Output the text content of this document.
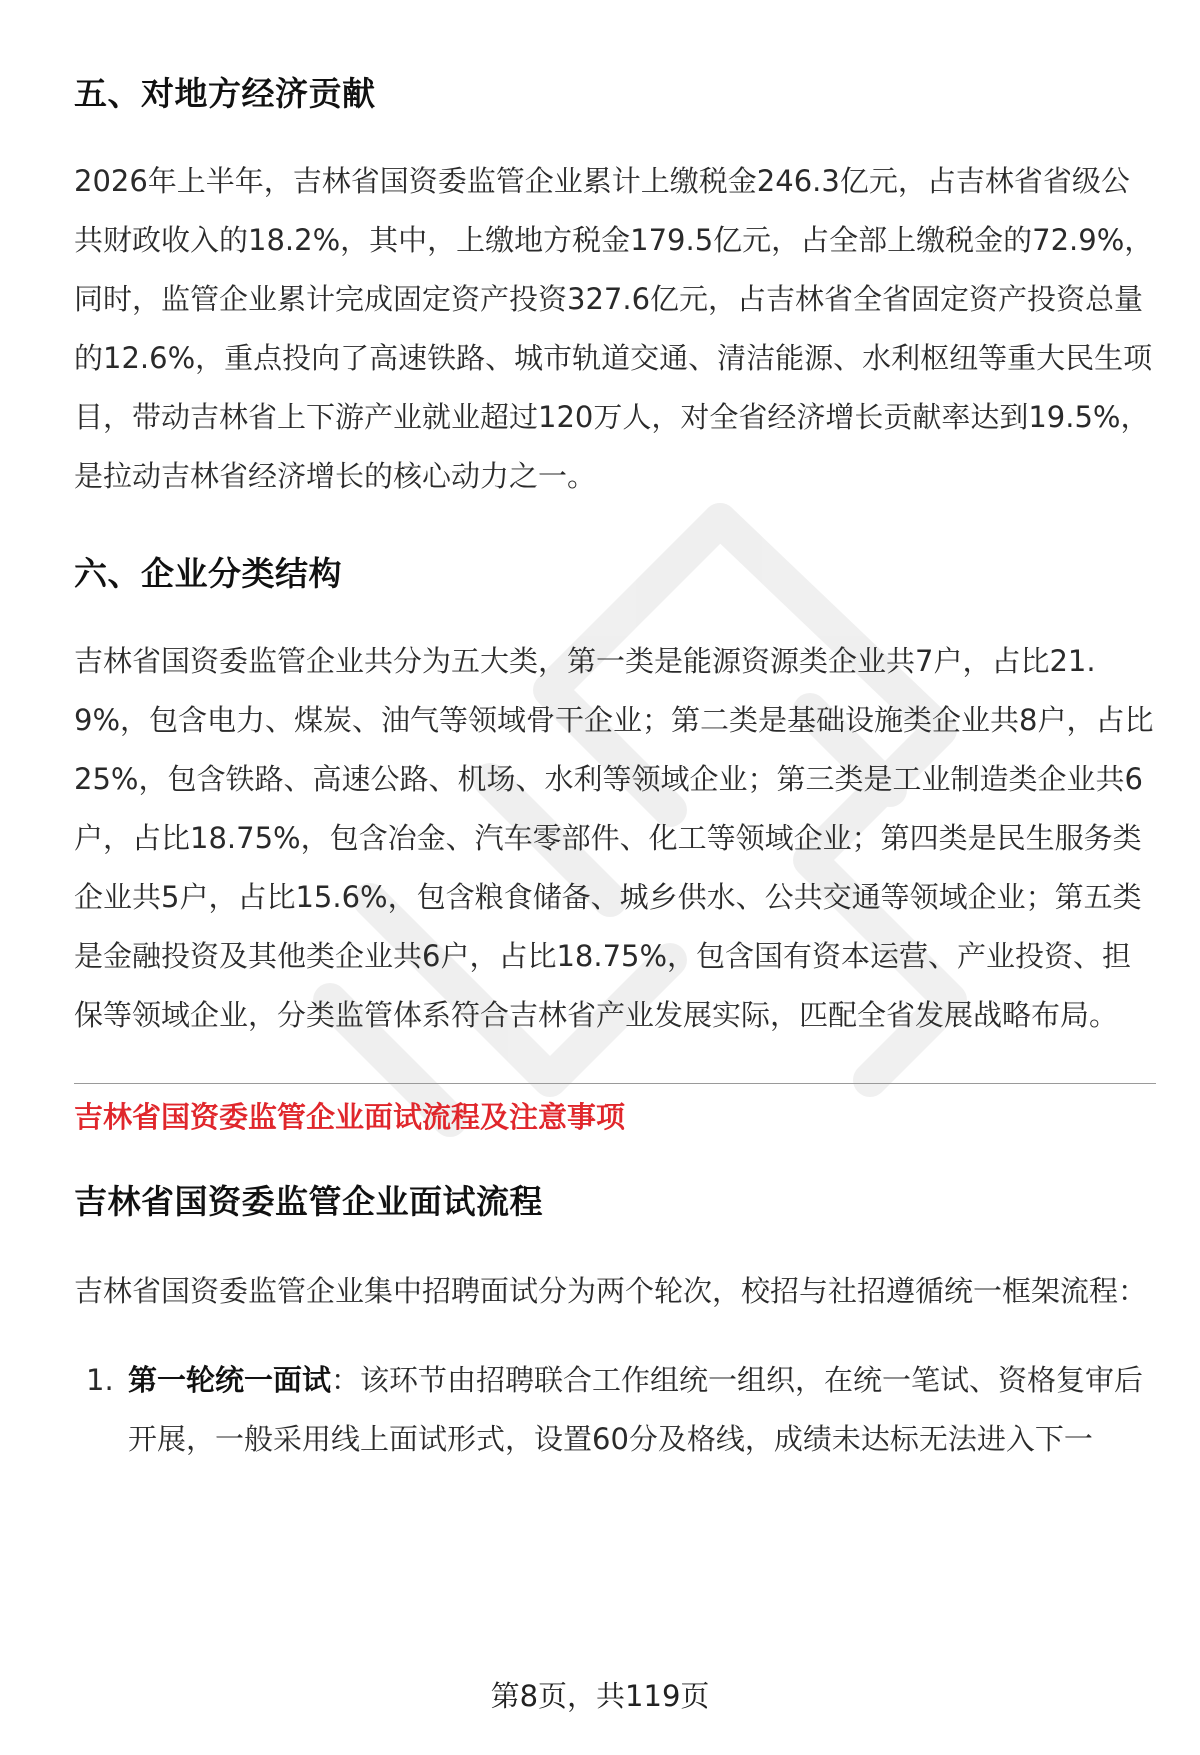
五、对地方经济贡献

2026年上半年，吉林省国资委监管企业累计上缴税金246.3亿元，占吉林省省级公共财政收入的18.2%，其中，上缴地方税金179.5亿元，占全部上缴税金的72.9%，同时，监管企业累计完成固定资产投资327.6亿元，占吉林省全省固定资产投资总量的12.6%，重点投向了高速铁路、城市轨道交通、清洁能源、水利枢纽等重大民生项目，带动吉林省上下游产业就业超过120万人，对全省经济增长贡献率达到19.5%，是拉动吉林省经济增长的核心动力之一。

六、企业分类结构

吉林省国资委监管企业共分为五大类，第一类是能源资源类企业共7户，占比21.9%，包含电力、煤炭、油气等领域骨干企业；第二类是基础设施类企业共8户，占比25%，包含铁路、高速公路、机场、水利等领域企业；第三类是工业制造类企业共6户，占比18.75%，包含冶金、汽车零部件、化工等领域企业；第四类是民生服务类企业共5户，占比15.6%，包含粮食储备、城乡供水、公共交通等领域企业；第五类是金融投资及其他类企业共6户，占比18.75%，包含国有资本运营、产业投资、担保等领域企业，分类监管体系符合吉林省产业发展实际，匹配全省发展战略布局。

吉林省国资委监管企业面试流程及注意事项
吉林省国资委监管企业面试流程

吉林省国资委监管企业集中招聘面试分为两个轮次，校招与社招遵循统一框架流程：

1. 第一轮统一面试：该环节由招聘联合工作组统一组织，在统一笔试、资格复审后开展，一般采用线上面试形式，设置60分及格线，成绩未达标无法进入下一
第8页，共119页
